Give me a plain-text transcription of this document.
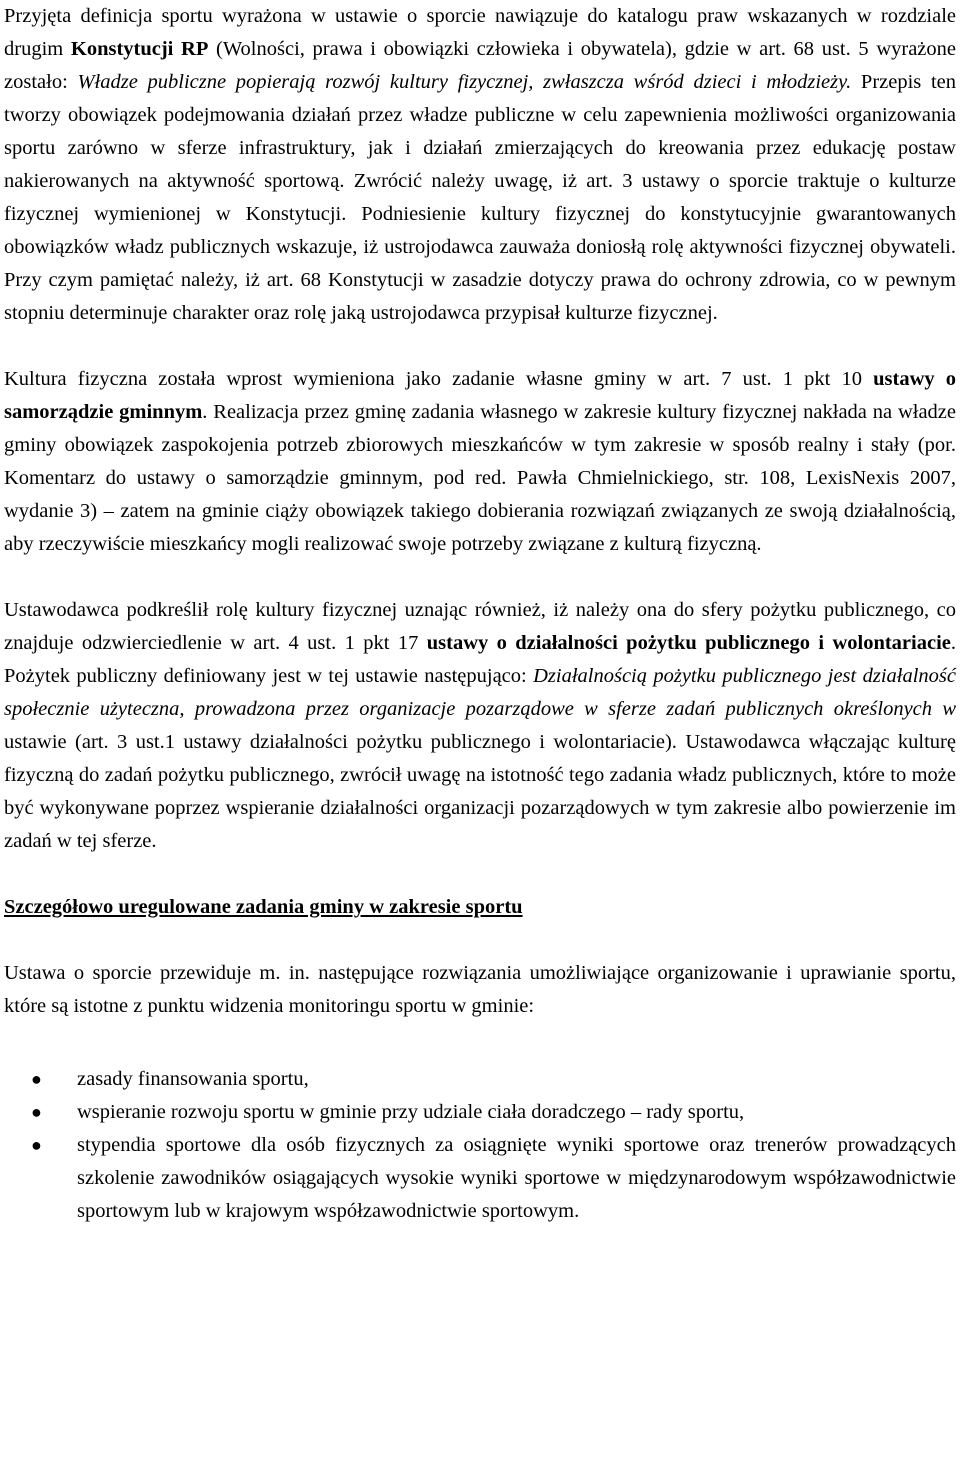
Przyjęta definicja sportu wyrażona w ustawie o sporcie nawiązuje do katalogu praw wskazanych w rozdziale drugim Konstytucji RP (Wolności, prawa i obowiązki człowieka i obywatela), gdzie w art. 68 ust. 5 wyrażone zostało: Władze publiczne popierają rozwój kultury fizycznej, zwłaszcza wśród dzieci i młodzieży. Przepis ten tworzy obowiązek podejmowania działań przez władze publiczne w celu zapewnienia możliwości organizowania sportu zarówno w sferze infrastruktury, jak i działań zmierzających do kreowania przez edukację postaw nakierowanych na aktywność sportową. Zwrócić należy uwagę, iż art. 3 ustawy o sporcie traktuje o kulturze fizycznej wymienionej w Konstytucji. Podniesienie kultury fizycznej do konstytucyjnie gwarantowanych obowiązków władz publicznych wskazuje, iż ustrojodawca zauważa doniosłą rolę aktywności fizycznej obywateli. Przy czym pamiętać należy, iż art. 68 Konstytucji w zasadzie dotyczy prawa do ochrony zdrowia, co w pewnym stopniu determinuje charakter oraz rolę jaką ustrojodawca przypisał kulturze fizycznej.

Kultura fizyczna została wprost wymieniona jako zadanie własne gminy w art. 7 ust. 1 pkt 10 ustawy o samorządzie gminnym. Realizacja przez gminę zadania własnego w zakresie kultury fizycznej nakłada na władze gminy obowiązek zaspokojenia potrzeb zbiorowych mieszkańców w tym zakresie w sposób realny i stały (por. Komentarz do ustawy o samorządzie gminnym, pod red. Pawła Chmielnickiego, str. 108, LexisNexis 2007, wydanie 3) – zatem na gminie ciąży obowiązek takiego dobierania rozwiązań związanych ze swoją działalnością, aby rzeczywiście mieszkańcy mogli realizować swoje potrzeby związane z kulturą fizyczną.

Ustawodawca podkreślił rolę kultury fizycznej uznając również, iż należy ona do sfery pożytku publicznego, co znajduje odzwierciedlenie w art. 4 ust. 1 pkt 17 ustawy o działalności pożytku publicznego i wolontariacie. Pożytek publiczny definiowany jest w tej ustawie następująco: Działalnością pożytku publicznego jest działalność społecznie użyteczna, prowadzona przez organizacje pozarządowe w sferze zadań publicznych określonych w ustawie (art. 3 ust.1 ustawy działalności pożytku publicznego i wolontariacie). Ustawodawca włączając kulturę fizyczną do zadań pożytku publicznego, zwrócił uwagę na istotność tego zadania władz publicznych, które to może być wykonywane poprzez wspieranie działalności organizacji pozarządowych w tym zakresie albo powierzenie im zadań w tej sferze.

Szczegółowo uregulowane zadania gminy w zakresie sportu

Ustawa o sporcie przewiduje m. in. następujące rozwiązania umożliwiające organizowanie i uprawianie sportu, które są istotne z punktu widzenia monitoringu sportu w gminie:

● zasady finansowania sportu,
● wspieranie rozwoju sportu w gminie przy udziale ciała doradczego – rady sportu,
● stypendia sportowe dla osób fizycznych za osiągnięte wyniki sportowe oraz trenerów prowadzących szkolenie zawodników osiągających wysokie wyniki sportowe w międzynarodowym współzawodnictwie sportowym lub w krajowym współzawodnictwie sportowym.
